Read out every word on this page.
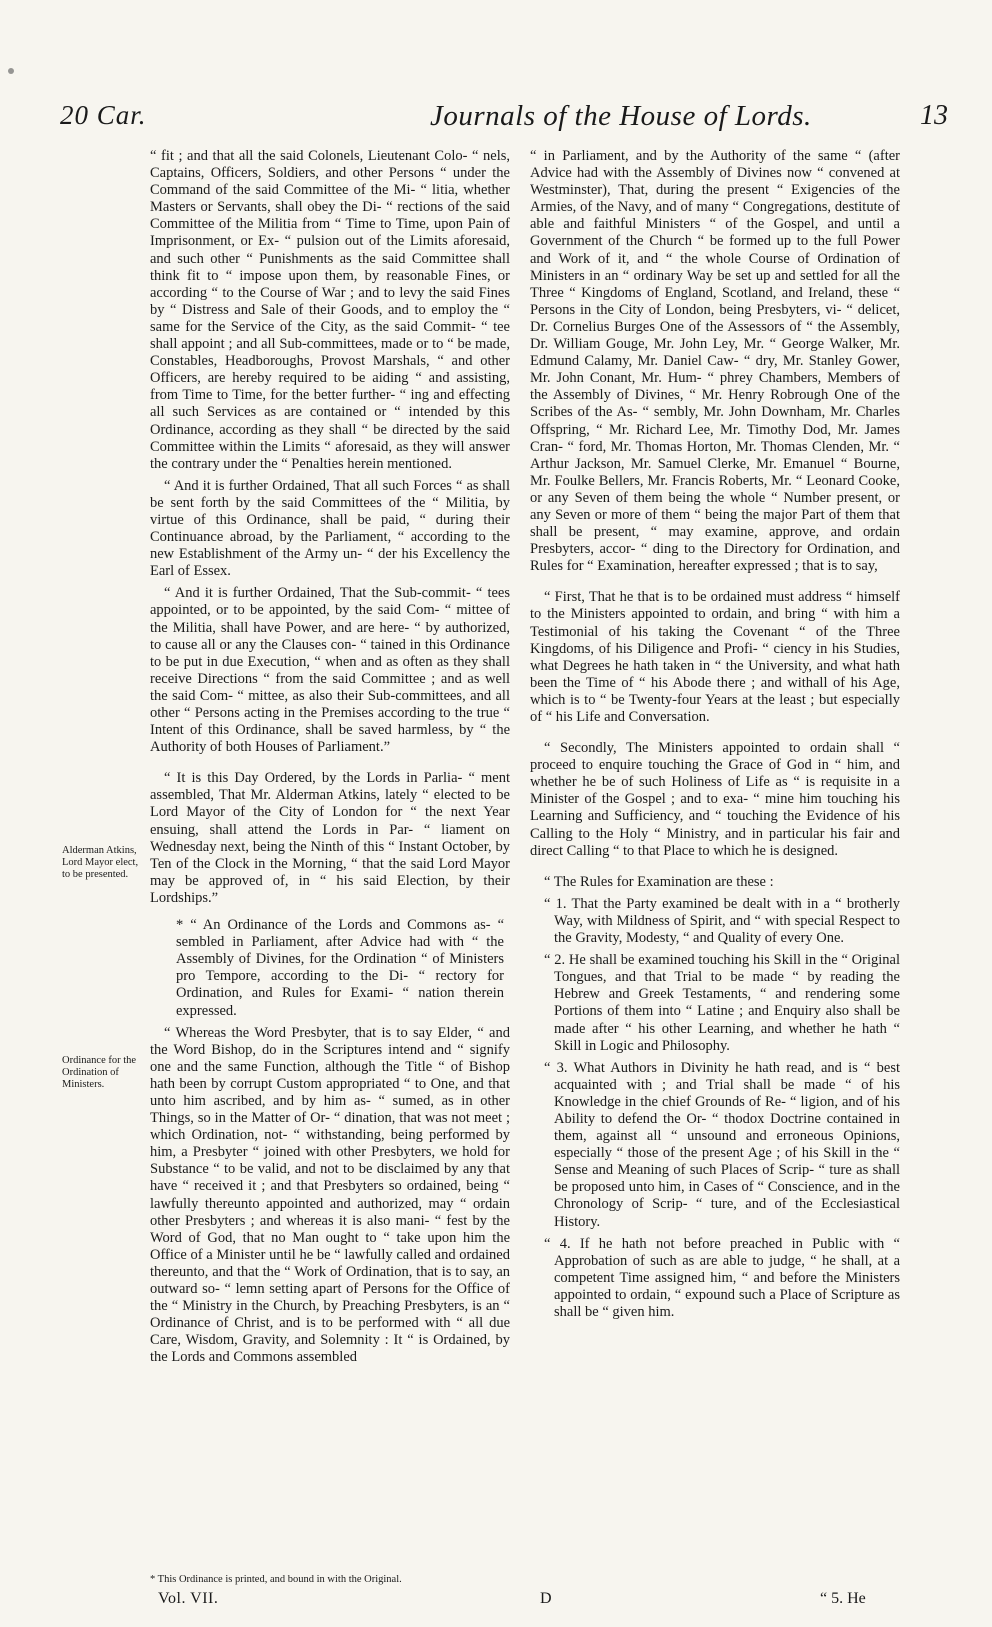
20 Car.	Journals of the House of Lords.	13
Alderman Atkins, Lord Mayor elect, to be presented.
Ordinance for the Ordination of Ministers.

“ fit ; and that all the said Colonels, Lieutenant Colo- “ nels, Captains, Officers, Soldiers, and other Persons “ under the Command of the said Committee of the Mi- “ litia, whether Masters or Servants, shall obey the Di- “ rections of the said Committee of the Militia from “ Time to Time, upon Pain of Imprisonment, or Ex- “ pulsion out of the Limits aforesaid, and such other “ Punishments as the said Committee shall think fit to “ impose upon them, by reasonable Fines, or according “ to the Course of War ; and to levy the said Fines by “ Distress and Sale of their Goods, and to employ the “ same for the Service of the City, as the said Commit- “ tee shall appoint ; and all Sub-committees, made or to “ be made, Constables, Headboroughs, Provost Marshals, “ and other Officers, are hereby required to be aiding “ and assisting, from Time to Time, for the better further- “ ing and effecting all such Services as are contained or “ intended by this Ordinance, according as they shall “ be directed by the said Committee within the Limits “ aforesaid, as they will answer the contrary under the “ Penalties herein mentioned.

“ And it is further Ordained, That all such Forces “ as shall be sent forth by the said Committees of the “ Militia, by virtue of this Ordinance, shall be paid, “ during their Continuance abroad, by the Parliament, “ according to the new Establishment of the Army un- “ der his Excellency the Earl of Essex.

“ And it is further Ordained, That the Sub-commit- “ tees appointed, or to be appointed, by the said Com- “ mittee of the Militia, shall have Power, and are here- “ by authorized, to cause all or any the Clauses con- “ tained in this Ordinance to be put in due Execution, “ when and as often as they shall receive Directions “ from the said Committee ; and as well the said Com- “ mittee, as also their Sub-committees, and all other “ Persons acting in the Premises according to the true “ Intent of this Ordinance, shall be saved harmless, by “ the Authority of both Houses of Parliament.”

“ It is this Day Ordered, by the Lords in Parlia- “ ment assembled, That Mr. Alderman Atkins, lately “ elected to be Lord Mayor of the City of London for “ the next Year ensuing, shall attend the Lords in Par- “ liament on Wednesday next, being the Ninth of this “ Instant October, by Ten of the Clock in the Morning, “ that the said Lord Mayor may be approved of, in “ his said Election, by their Lordships.”

* “ An Ordinance of the Lords and Commons as- “ sembled in Parliament, after Advice had with “ the Assembly of Divines, for the Ordination “ of Ministers pro Tempore, according to the Di- “ rectory for Ordination, and Rules for Exami- “ nation therein expressed.

“ Whereas the Word Presbyter, that is to say Elder, “ and the Word Bishop, do in the Scriptures intend and “ signify one and the same Function, although the Title “ of Bishop hath been by corrupt Custom appropriated “ to One, and that unto him ascribed, and by him as- “ sumed, as in other Things, so in the Matter of Or- “ dination, that was not meet ; which Ordination, not- “ withstanding, being performed by him, a Presbyter “ joined with other Presbyters, we hold for Substance “ to be valid, and not to be disclaimed by any that have “ received it ; and that Presbyters so ordained, being “ lawfully thereunto appointed and authorized, may “ ordain other Presbyters ; and whereas it is also mani- “ fest by the Word of God, that no Man ought to “ take upon him the Office of a Minister until he be “ lawfully called and ordained thereunto, and that the “ Work of Ordination, that is to say, an outward so- “ lemn setting apart of Persons for the Office of the “ Ministry in the Church, by Preaching Presbyters, is an “ Ordinance of Christ, and is to be performed with “ all due Care, Wisdom, Gravity, and Solemnity : It “ is Ordained, by the Lords and Commons assembled

“ in Parliament, and by the Authority of the same “ (after Advice had with the Assembly of Divines now “ convened at Westminster), That, during the present “ Exigencies of the Armies, of the Navy, and of many “ Congregations, destitute of able and faithful Ministers “ of the Gospel, and until a Government of the Church “ be formed up to the full Power and Work of it, and “ the whole Course of Ordination of Ministers in an “ ordinary Way be set up and settled for all the Three “ Kingdoms of England, Scotland, and Ireland, these “ Persons in the City of London, being Presbyters, vi- “ delicet, Dr. Cornelius Burges One of the Assessors of “ the Assembly, Dr. William Gouge, Mr. John Ley, Mr. “ George Walker, Mr. Edmund Calamy, Mr. Daniel Caw- “ dry, Mr. Stanley Gower, Mr. John Conant, Mr. Hum- “ phrey Chambers, Members of the Assembly of Divines, “ Mr. Henry Robrough One of the Scribes of the As- “ sembly, Mr. John Downham, Mr. Charles Offspring, “ Mr. Richard Lee, Mr. Timothy Dod, Mr. James Cran- “ ford, Mr. Thomas Horton, Mr. Thomas Clenden, Mr. “ Arthur Jackson, Mr. Samuel Clerke, Mr. Emanuel “ Bourne, Mr. Foulke Bellers, Mr. Francis Roberts, Mr. “ Leonard Cooke, or any Seven of them being the whole “ Number present, or any Seven or more of them “ being the major Part of them that shall be present, “ may examine, approve, and ordain Presbyters, accor- “ ding to the Directory for Ordination, and Rules for “ Examination, hereafter expressed ; that is to say,

“ First, That he that is to be ordained must address “ himself to the Ministers appointed to ordain, and bring “ with him a Testimonial of his taking the Covenant “ of the Three Kingdoms, of his Diligence and Profi- “ ciency in his Studies, what Degrees he hath taken in “ the University, and what hath been the Time of “ his Abode there ; and withall of his Age, which is to “ be Twenty-four Years at the least ; but especially of “ his Life and Conversation.

“ Secondly, The Ministers appointed to ordain shall “ proceed to enquire touching the Grace of God in “ him, and whether he be of such Holiness of Life as “ is requisite in a Minister of the Gospel ; and to exa- “ mine him touching his Learning and Sufficiency, and “ touching the Evidence of his Calling to the Holy “ Ministry, and in particular his fair and direct Calling “ to that Place to which he is designed.

“ The Rules for Examination are these :

“ 1. That the Party examined be dealt with in a “ brotherly Way, with Mildness of Spirit, and “ with special Respect to the Gravity, Modesty, “ and Quality of every One.

“ 2. He shall be examined touching his Skill in the “ Original Tongues, and that Trial to be made “ by reading the Hebrew and Greek Testaments, “ and rendering some Portions of them into “ Latine ; and Enquiry also shall be made after “ his other Learning, and whether he hath “ Skill in Logic and Philosophy.

“ 3. What Authors in Divinity he hath read, and is “ best acquainted with ; and Trial shall be made “ of his Knowledge in the chief Grounds of Re- “ ligion, and of his Ability to defend the Or- “ thodox Doctrine contained in them, against all “ unsound and erroneous Opinions, especially “ those of the present Age ; of his Skill in the “ Sense and Meaning of such Places of Scrip- “ ture as shall be proposed unto him, in Cases of “ Conscience, and in the Chronology of Scrip- “ ture, and of the Ecclesiastical History.

“ 4. If he hath not before preached in Public with “ Approbation of such as are able to judge, “ he shall, at a competent Time assigned him, “ and before the Ministers appointed to ordain, “ expound such a Place of Scripture as shall be “ given him.

* This Ordinance is printed, and bound in with the Original.
Vol. VII.	D	“ 5. He
